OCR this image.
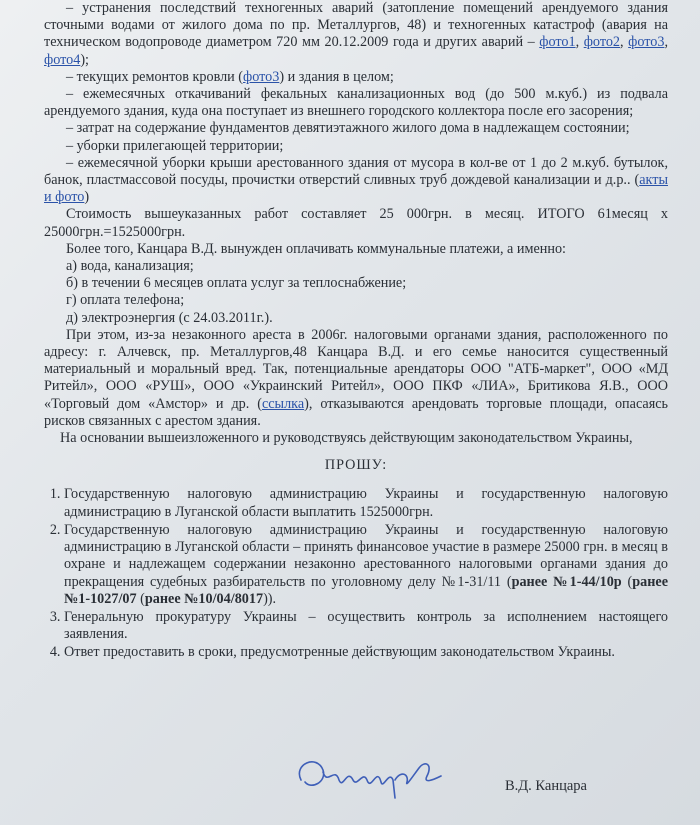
– устранения последствий техногенных аварий (затопление помещений арендуемого здания сточными водами от жилого дома по пр. Металлургов, 48) и техногенных катастроф (авария на техническом водопроводе диаметром 720 мм 20.12.2009 года и других аварий – фото1, фото2, фото3, фото4);

– текущих ремонтов кровли (фото3) и здания в целом;

– ежемесячных откачиваний фекальных канализационных вод (до 500 м.куб.) из подвала арендуемого здания, куда она поступает из внешнего городского коллектора после его засорения;

– затрат на содержание фундаментов девятиэтажного жилого дома в надлежащем состоянии;

– уборки прилегающей территории;

– ежемесячной уборки крыши арестованного здания от мусора в кол-ве от 1 до 2 м.куб. бутылок, банок, пластмассовой посуды, прочистки отверстий сливных труб дождевой канализации и д.р.. (акты и фото)

Стоимость вышеуказанных работ составляет 25 000грн. в месяц. ИТОГО 61месяц х 25000грн.=1525000грн.

Более того, Канцара В.Д. вынужден оплачивать коммунальные платежи, а именно:

а) вода, канализация;

б) в течении 6 месяцев оплата услуг за теплоснабжение;

г) оплата телефона;

д) электроэнергия (с 24.03.2011г.).

При этом, из-за незаконного ареста в 2006г. налоговыми органами здания, расположенного по адресу: г. Алчевск, пр. Металлургов,48 Канцара В.Д. и его семье наносится существенный материальный и моральный вред. Так, потенциальные арендаторы ООО "АТБ-маркет", ООО «МД Ритейл», ООО «РУШ», ООО «Украинский Ритейл», ООО ПКФ «ЛИА», Бритикова Я.В., ООО «Торговый дом «Амстор» и др. (ссылка), отказываются арендовать торговые площади, опасаясь рисков связанных с арестом здания.

На основании вышеизложенного и руководствуясь действующим законодательством Украины,

ПРОШУ:

1. Государственную налоговую администрацию Украины и государственную налоговую администрацию в Луганской области выплатить 1525000грн.
2. Государственную налоговую администрацию Украины и государственную налоговую администрацию в Луганской области – принять финансовое участие в размере 25000 грн. в месяц в охране и надлежащем содержании незаконно арестованного налоговыми органами здания до прекращения судебных разбирательств по уголовному делу №1-31/11 (ранее №1-44/10р (ранее №1-1027/07 (ранее №10/04/8017)).
3. Генеральную прокуратуру Украины – осуществить контроль за исполнением настоящего заявления.
4. Ответ предоставить в сроки, предусмотренные действующим законодательством Украины.
В.Д. Канцара
